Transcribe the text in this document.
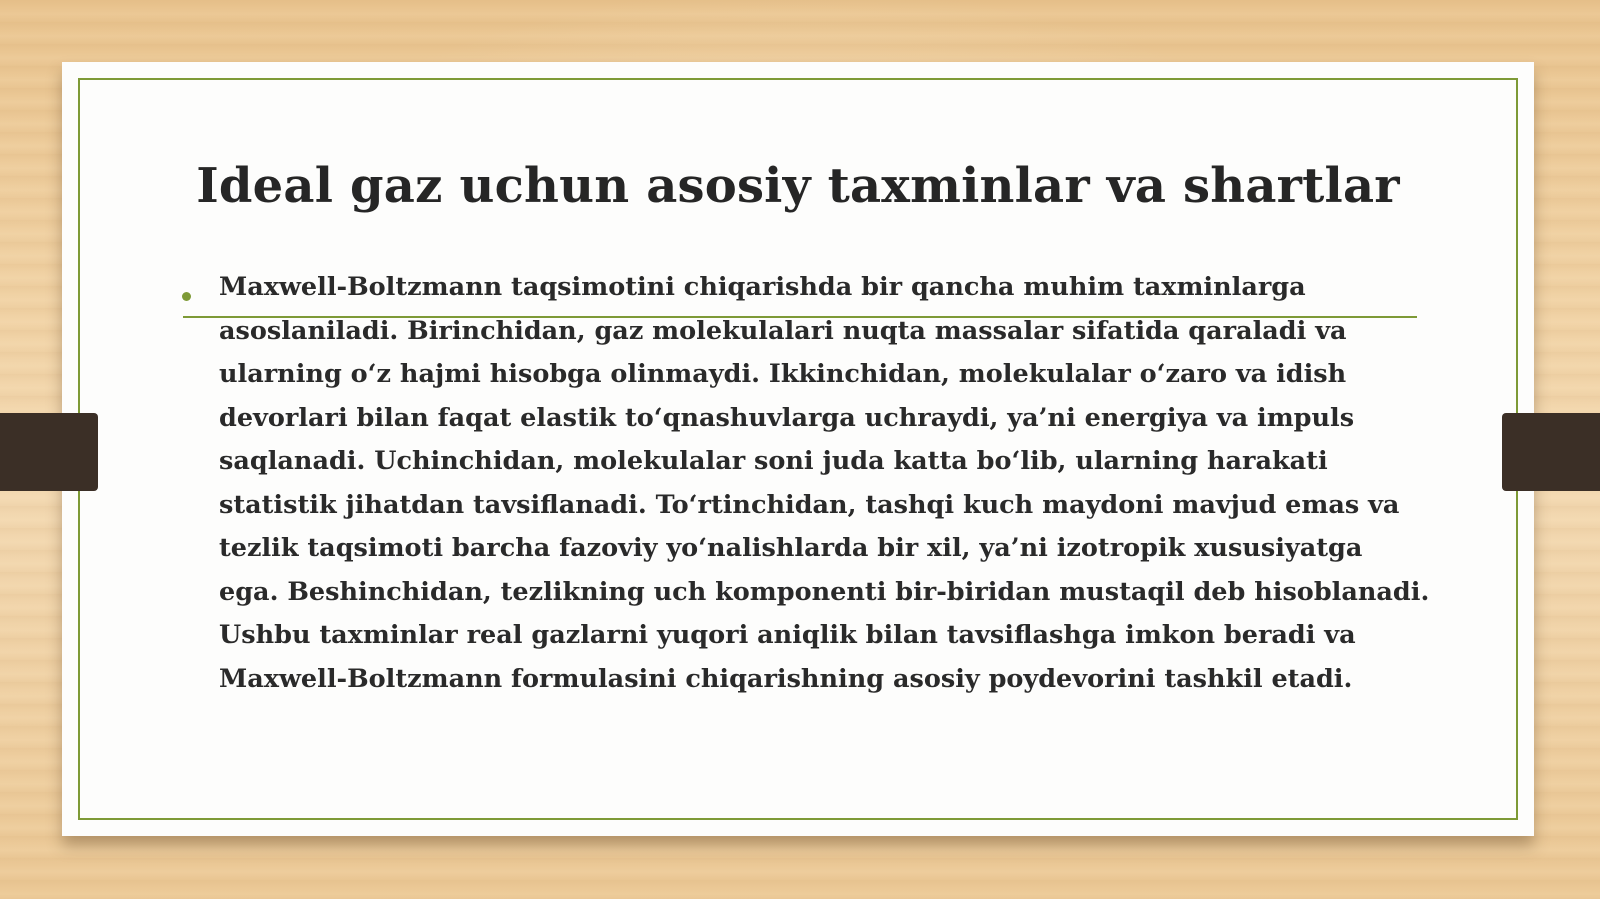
Ideal gaz uchun asosiy taxminlar va shartlar

Maxwell-Boltzmann taqsimotini chiqarishda bir qancha muhim taxminlarga
asoslaniladi. Birinchidan, gaz molekulalari nuqta massalar sifatida qaraladi va
ularning o‘z hajmi hisobga olinmaydi. Ikkinchidan, molekulalar o‘zaro va idish
devorlari bilan faqat elastik to‘qnashuvlarga uchraydi, ya’ni energiya va impuls
saqlanadi. Uchinchidan, molekulalar soni juda katta bo‘lib, ularning harakati
statistik jihatdan tavsiflanadi. To‘rtinchidan, tashqi kuch maydoni mavjud emas va
tezlik taqsimoti barcha fazoviy yo‘nalishlarda bir xil, ya’ni izotropik xususiyatga
ega. Beshinchidan, tezlikning uch komponenti bir-biridan mustaqil deb hisoblanadi.
Ushbu taxminlar real gazlarni yuqori aniqlik bilan tavsiflashga imkon beradi va
Maxwell-Boltzmann formulasini chiqarishning asosiy poydevorini tashkil etadi.
